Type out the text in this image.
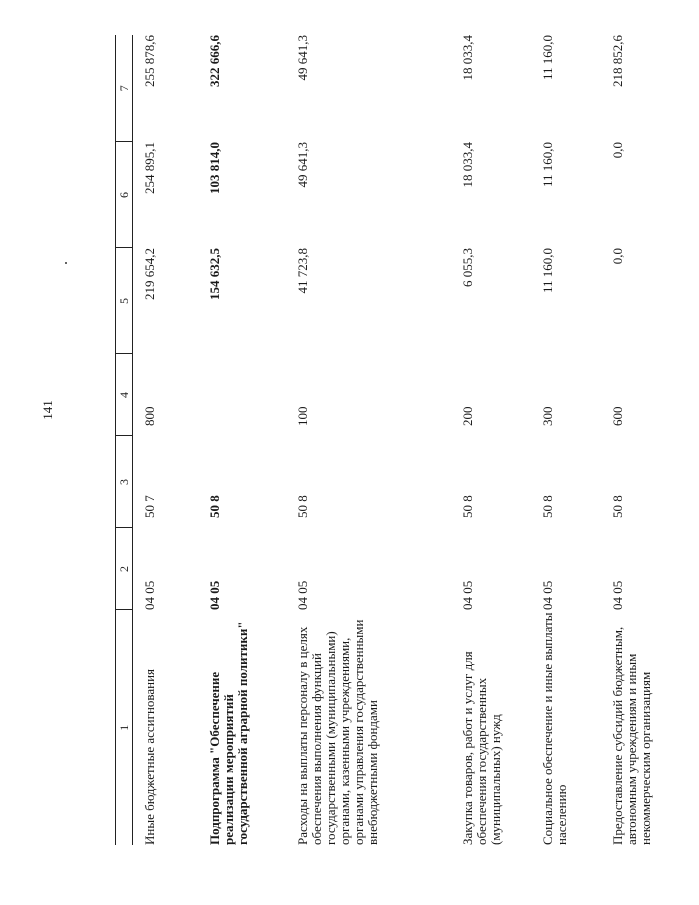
141
1	2	3	4	5	6	7
Иные бюджетные ассигнования	04 05	50 7	800	219 654,2	254 895,1	255 878,6
Подпрограмма "Обеспечение реализации мероприятий государственной аграрной политики"	04 05	50 8		154 632,5	103 814,0	322 666,6
Расходы на выплаты персоналу в целях обеспечения выполнения функций государственными (муниципальными) органами, казенными учреждениями, органами управления государственными внебюджетными фондами	04 05	50 8	100	41 723,8	49 641,3	49 641,3
Закупка товаров, работ и услуг для обеспечения государственных (муниципальных) нужд	04 05	50 8	200	6 055,3	18 033,4	18 033,4
Социальное обеспечение и иные выплаты населению	04 05	50 8	300	11 160,0	11 160,0	11 160,0
Предоставление субсидий бюджетным, автономным учреждениям и иным некоммерческим организациям	04 05	50 8	600	0,0	0,0	218 852,6
